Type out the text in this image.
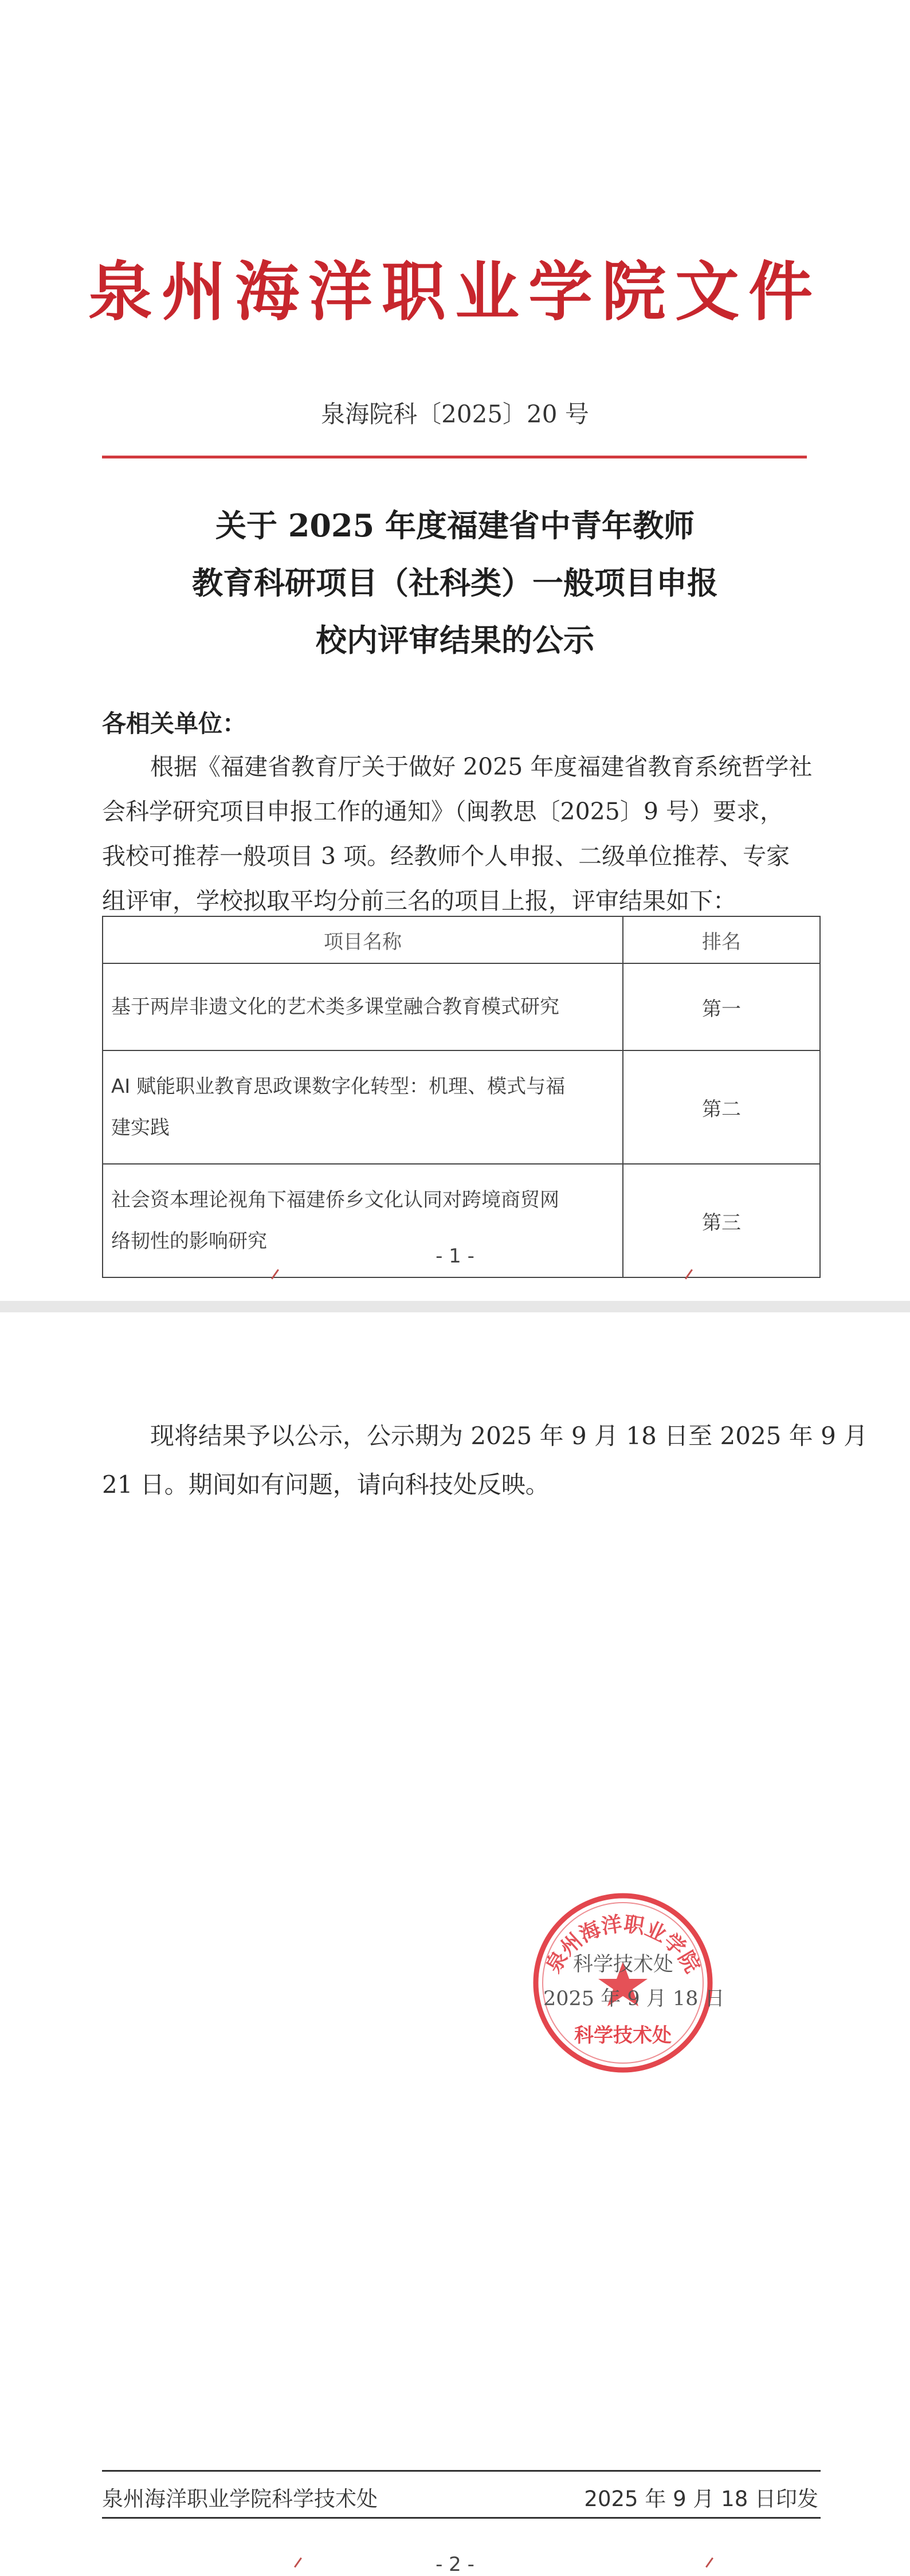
泉州海洋职业学院文件
泉海院科〔2025〕20 号
关于 2025 年度福建省中青年教师
教育科研项目（社科类）一般项目申报
校内评审结果的公示
各相关单位：
根据《福建省教育厅关于做好 2025 年度福建省教育系统哲学社
会科学研究项目申报工作的通知》（闽教思〔2025〕9 号）要求，
我校可推荐一般项目 3 项。经教师个人申报、二级单位推荐、专家
组评审，学校拟取平均分前三名的项目上报，评审结果如下：
项目名称	排名
基于两岸非遗文化的艺术类多课堂融合教育模式研究	第一
AI 赋能职业教育思政课数字化转型：机理、模式与福
建实践	第二
社会资本理论视角下福建侨乡文化认同对跨境商贸网
络韧性的影响研究	第三
- 1 -
现将结果予以公示，公示期为 2025 年 9 月 18 日至 2025 年 9 月
21 日。期间如有问题，请向科技处反映。
泉州海洋职业学院
科学技术处
科学技术处
2025 年 9 月 18 日
泉州海洋职业学院科学技术处	2025 年 9 月 18 日印发
- 2 -
